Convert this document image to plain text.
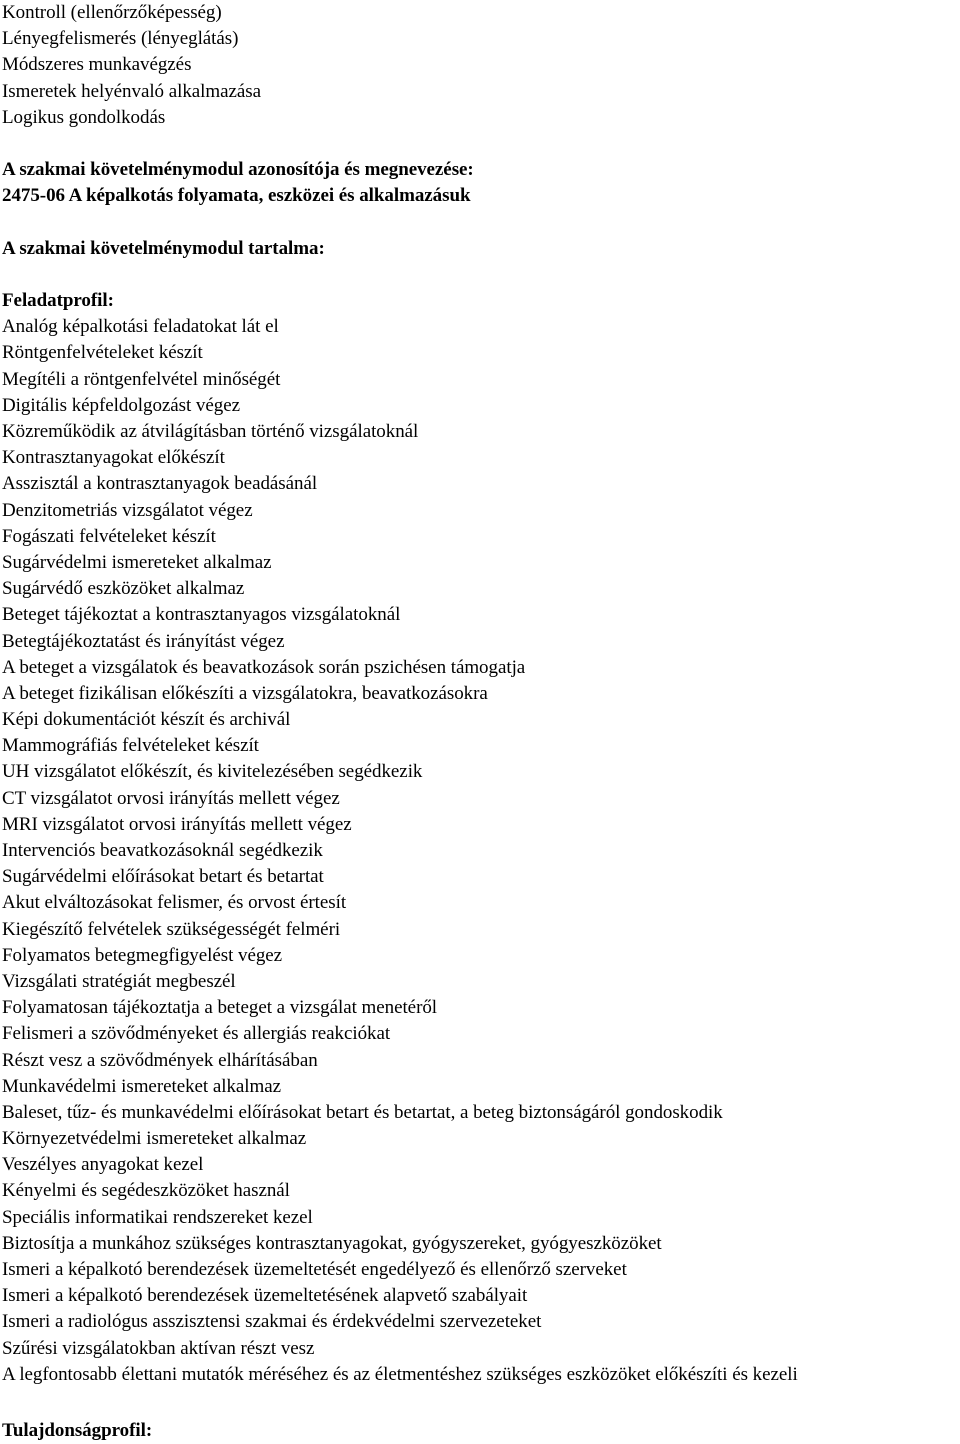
Kontroll (ellenőrzőképesség)
Lényegfelismerés (lényeglátás)
Módszeres munkavégzés
Ismeretek helyénvaló alkalmazása
Logikus gondolkodás
A szakmai követelménymodul azonosítója és megnevezése:
2475-06 A képalkotás folyamata, eszközei és alkalmazásuk
A szakmai követelménymodul tartalma:
Feladatprofil:
Analóg képalkotási feladatokat lát el
Röntgenfelvételeket készít
Megítéli a röntgenfelvétel minőségét
Digitális képfeldolgozást végez
Közreműködik az átvilágításban történő vizsgálatoknál
Kontrasztanyagokat előkészít
Asszisztál a kontrasztanyagok beadásánál
Denzitometriás vizsgálatot végez
Fogászati felvételeket készít
Sugárvédelmi ismereteket alkalmaz
Sugárvédő eszközöket alkalmaz
Beteget tájékoztat a kontrasztanyagos vizsgálatoknál
Betegtájékoztatást és irányítást végez
A beteget a vizsgálatok és beavatkozások során pszichésen támogatja
A beteget fizikálisan előkészíti a vizsgálatokra, beavatkozásokra
Képi dokumentációt készít és archivál
Mammográfiás felvételeket készít
UH vizsgálatot előkészít, és kivitelezésében segédkezik
CT vizsgálatot orvosi irányítás mellett végez
MRI vizsgálatot orvosi irányítás mellett végez
Intervenciós beavatkozásoknál segédkezik
Sugárvédelmi előírásokat betart és betartat
Akut elváltozásokat felismer, és orvost értesít
Kiegészítő felvételek szükségességét felméri
Folyamatos betegmegfigyelést végez
Vizsgálati stratégiát megbeszél
Folyamatosan tájékoztatja a beteget a vizsgálat menetéről
Felismeri a szövődményeket és allergiás reakciókat
Részt vesz a szövődmények elhárításában
Munkavédelmi ismereteket alkalmaz
Baleset, tűz- és munkavédelmi előírásokat betart és betartat, a beteg biztonságáról gondoskodik
Környezetvédelmi ismereteket alkalmaz
Veszélyes anyagokat kezel
Kényelmi és segédeszközöket használ
Speciális informatikai rendszereket kezel
Biztosítja a munkához szükséges kontrasztanyagokat, gyógyszereket, gyógyeszközöket
Ismeri a képalkotó berendezések üzemeltetését engedélyező és ellenőrző szerveket
Ismeri a képalkotó berendezések üzemeltetésének alapvető szabályait
Ismeri a radiológus asszisztensi szakmai és érdekvédelmi szervezeteket
Szűrési vizsgálatokban aktívan részt vesz
A legfontosabb élettani mutatók méréséhez és az életmentéshez szükséges eszközöket előkészíti és kezeli
Tulajdonságprofil:
